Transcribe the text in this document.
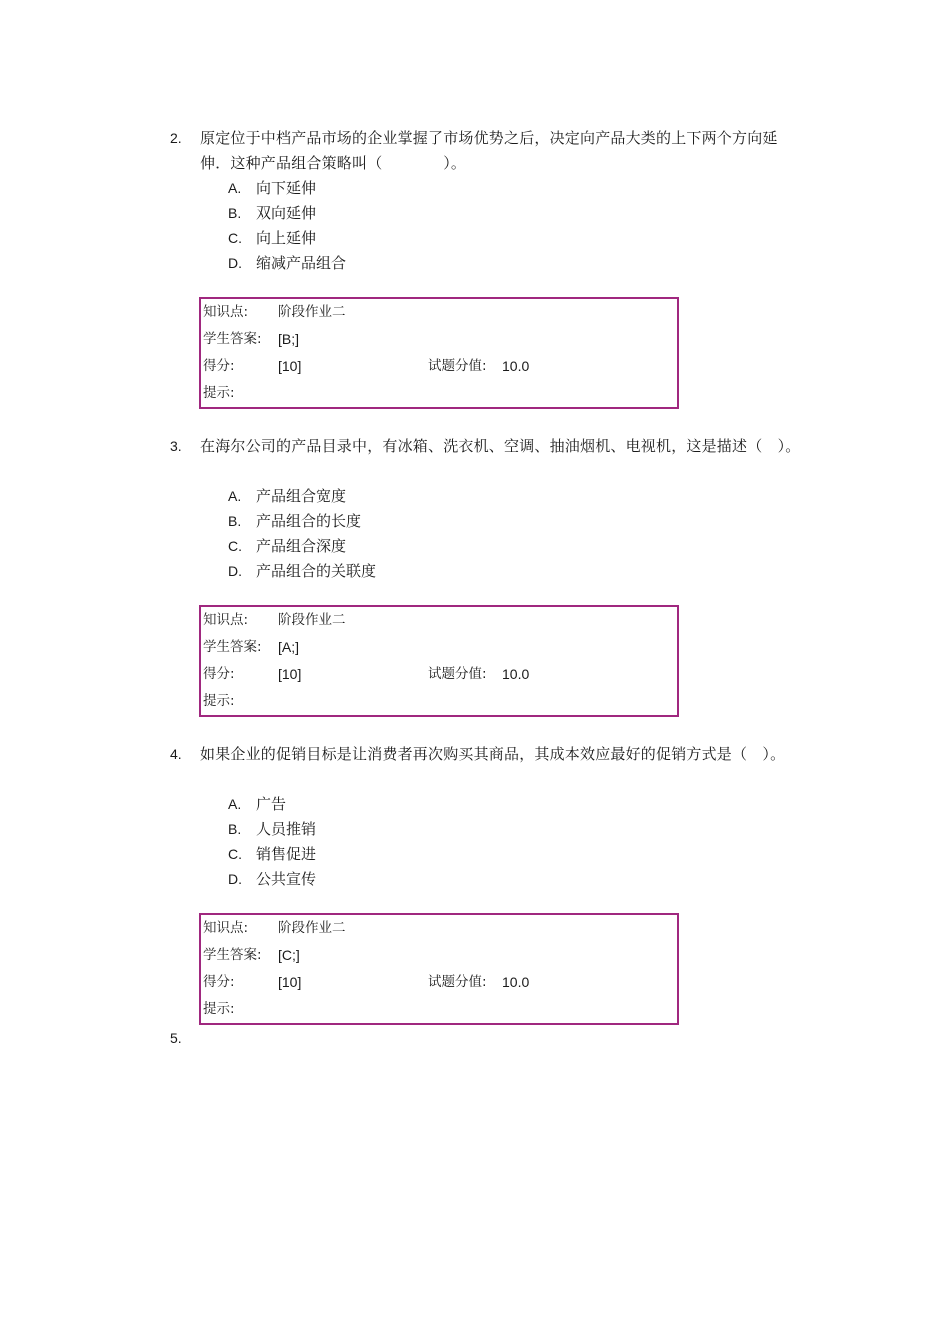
2. 原定位于中档产品市场的企业掌握了市场优势之后，决定向产品大类的上下两个方向延伸．这种产品组合策略叫（　　　　）。
A. 向下延伸
B. 双向延伸
C. 向上延伸
D. 缩减产品组合
知识点: 阶段作业二
学生答案: [B;]
得分:	[10]	试题分值: 10.0
提示:
3. 在海尔公司的产品目录中，有冰箱、洗衣机、空调、抽油烟机、电视机，这是描述（　）。
A. 产品组合宽度
B. 产品组合的长度
C. 产品组合深度
D. 产品组合的关联度
知识点: 阶段作业二
学生答案: [A;]
得分:	[10]	试题分值: 10.0
提示:
4. 如果企业的促销目标是让消费者再次购买其商品，其成本效应最好的促销方式是（　）。
A. 广告
B. 人员推销
C. 销售促进
D. 公共宣传
知识点: 阶段作业二
学生答案: [C;]
得分:	[10]	试题分值: 10.0
提示:
5.
